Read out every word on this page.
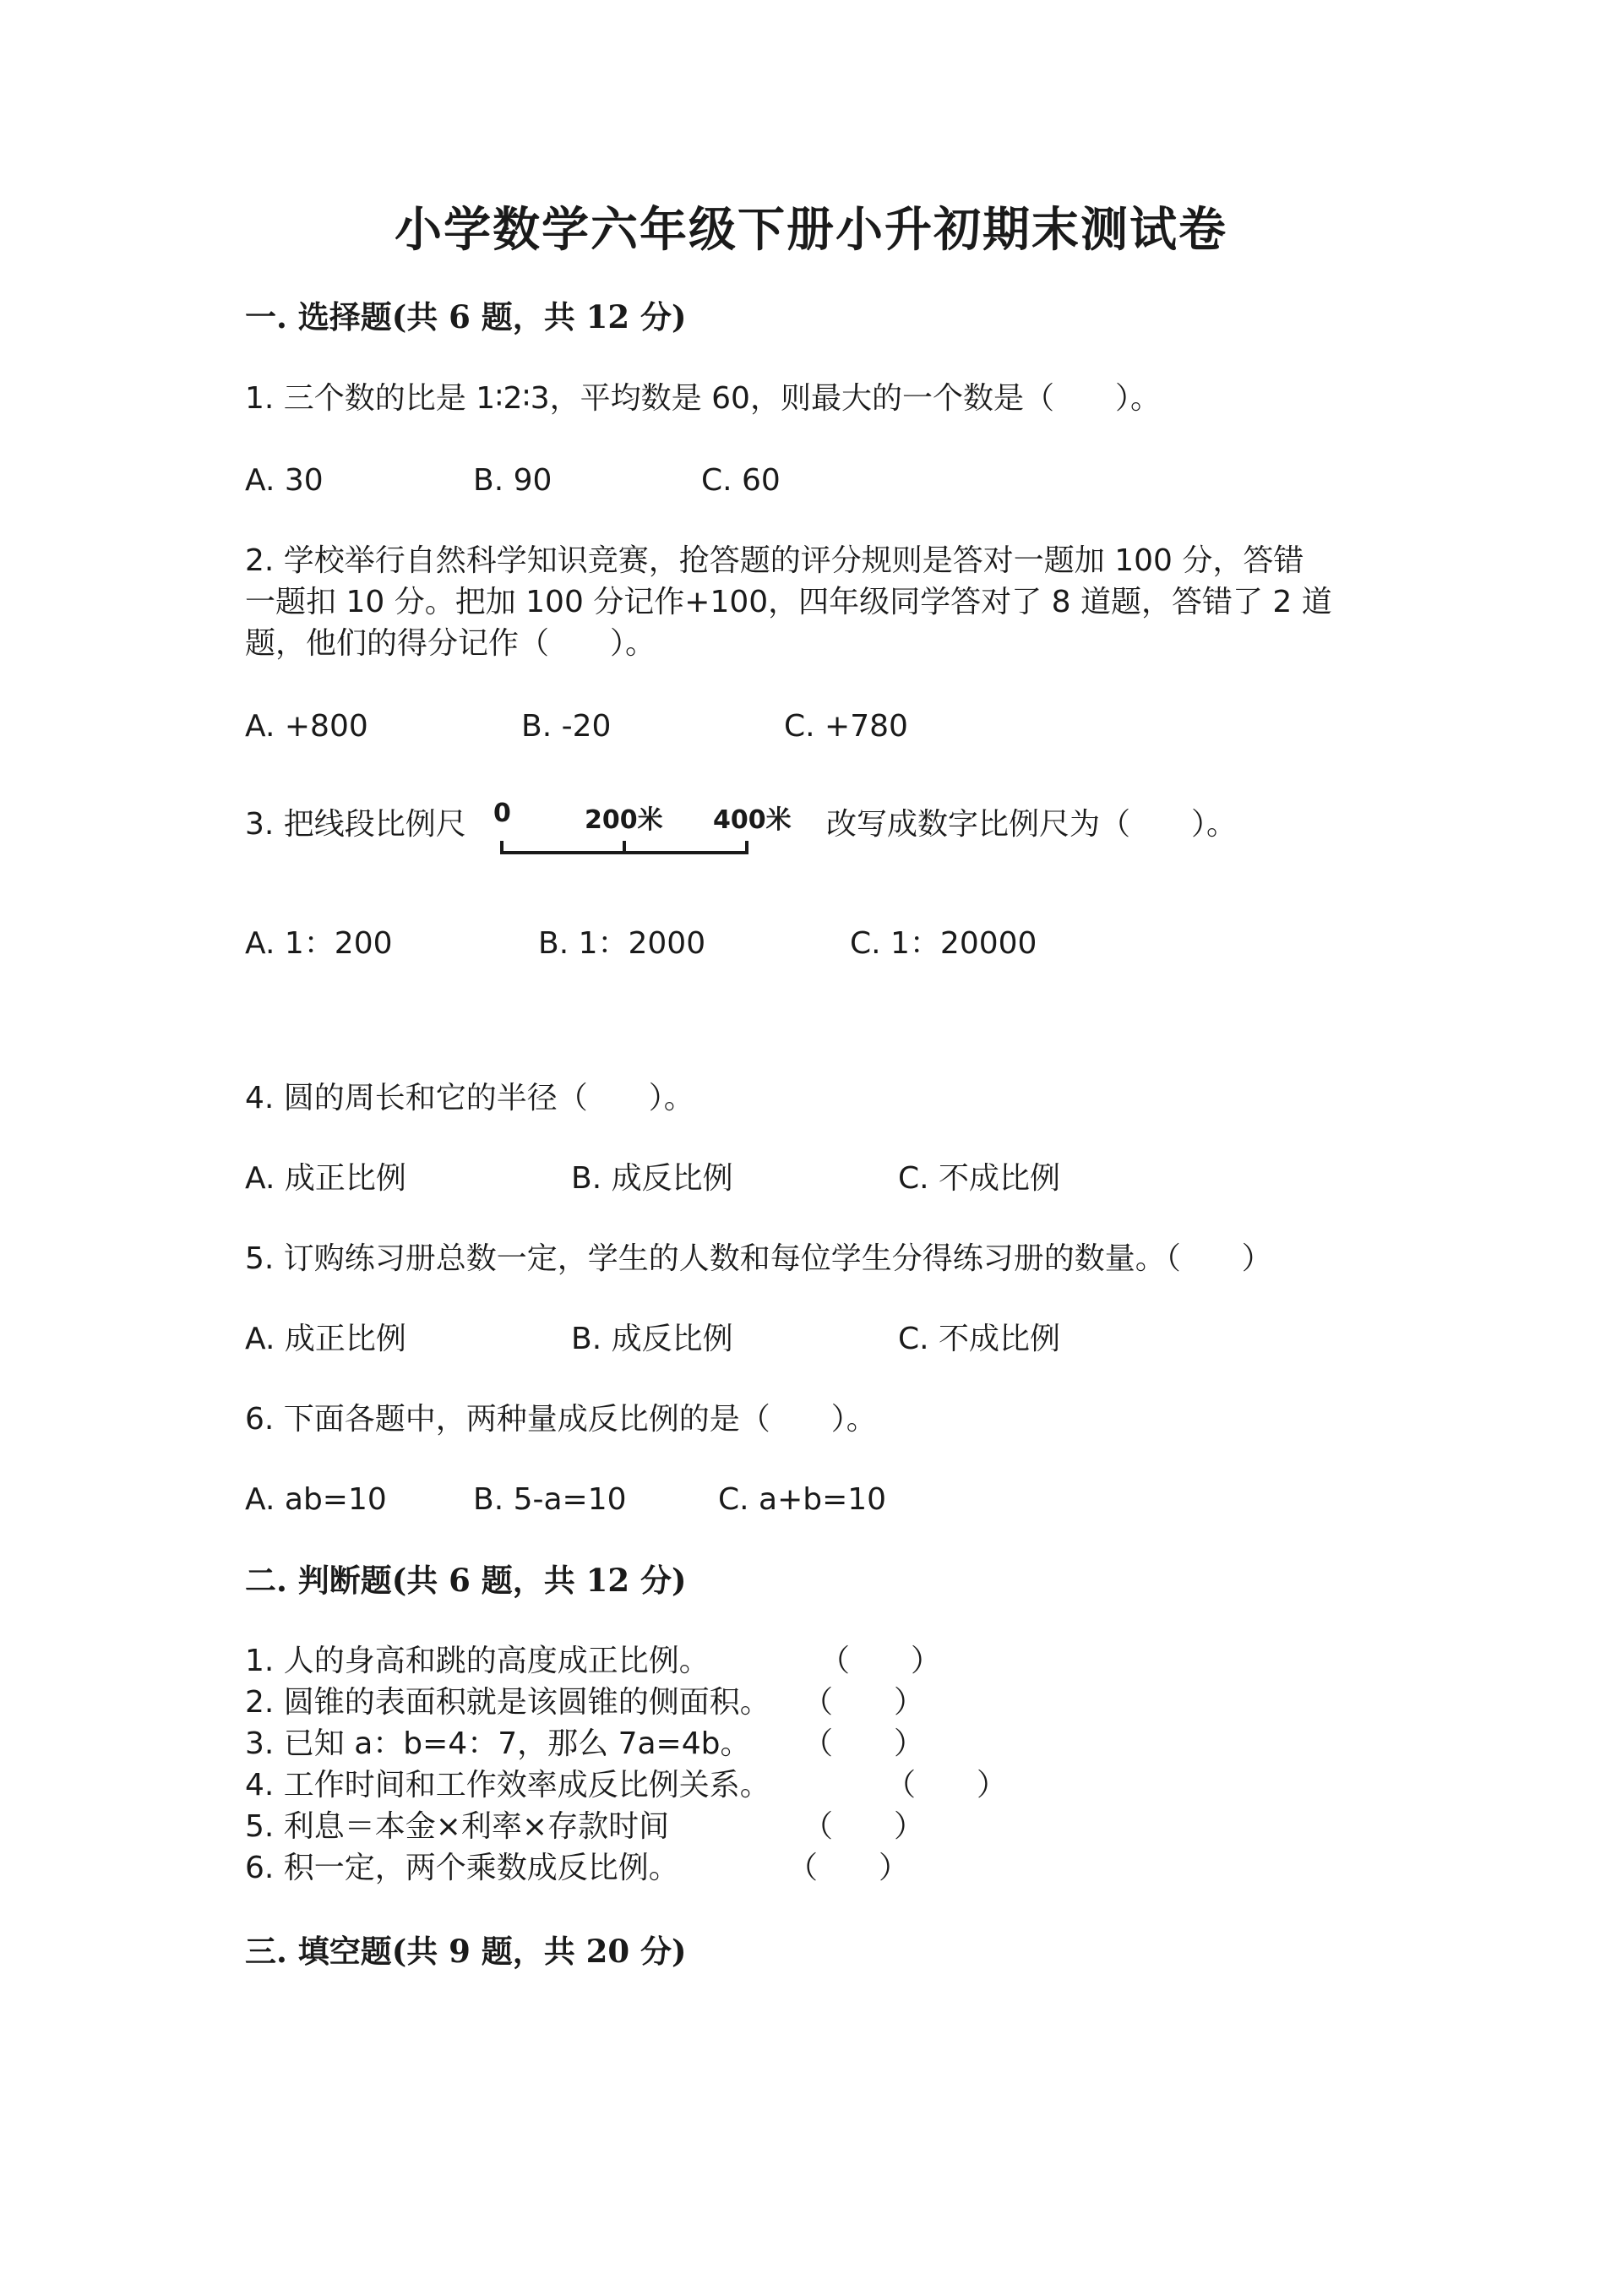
小学数学六年级下册小升初期末测试卷
一. 选择题(共 6 题，共 12 分)
1. 三个数的比是 1∶2∶3，平均数是 60，则最大的一个数是（　　）。
A. 30	B. 90	C. 60
2. 学校举行自然科学知识竞赛，抢答题的评分规则是答对一题加 100 分，答错
一题扣 10 分。把加 100 分记作+100，四年级同学答对了 8 道题，答错了 2 道
题，他们的得分记作（　　）。
A. +800	B. -20	C. +780
3. 把线段比例尺 0	200米 400米 改写成数字比例尺为（　　）。
A. 1：200	B. 1：2000	C. 1：20000
4. 圆的周长和它的半径（　　）。
A. 成正比例	B. 成反比例	C. 不成比例
5. 订购练习册总数一定，学生的人数和每位学生分得练习册的数量。（　　）
A. 成正比例	B. 成反比例	C. 不成比例
6. 下面各题中，两种量成反比例的是（　　）。
A. ab=10	B. 5-a=10	C. a+b=10
二. 判断题(共 6 题，共 12 分)
1. 人的身高和跳的高度成正比例。	（　　）
2. 圆锥的表面积就是该圆锥的侧面积。 （　　）
3. 已知 a：b=4：7，那么 7a=4b。 （　　）
4. 工作时间和工作效率成反比例关系。	（　　）
5. 利息＝本金×利率×存款时间	（　　）
6. 积一定，两个乘数成反比例。	（　　）
三. 填空题(共 9 题，共 20 分)
